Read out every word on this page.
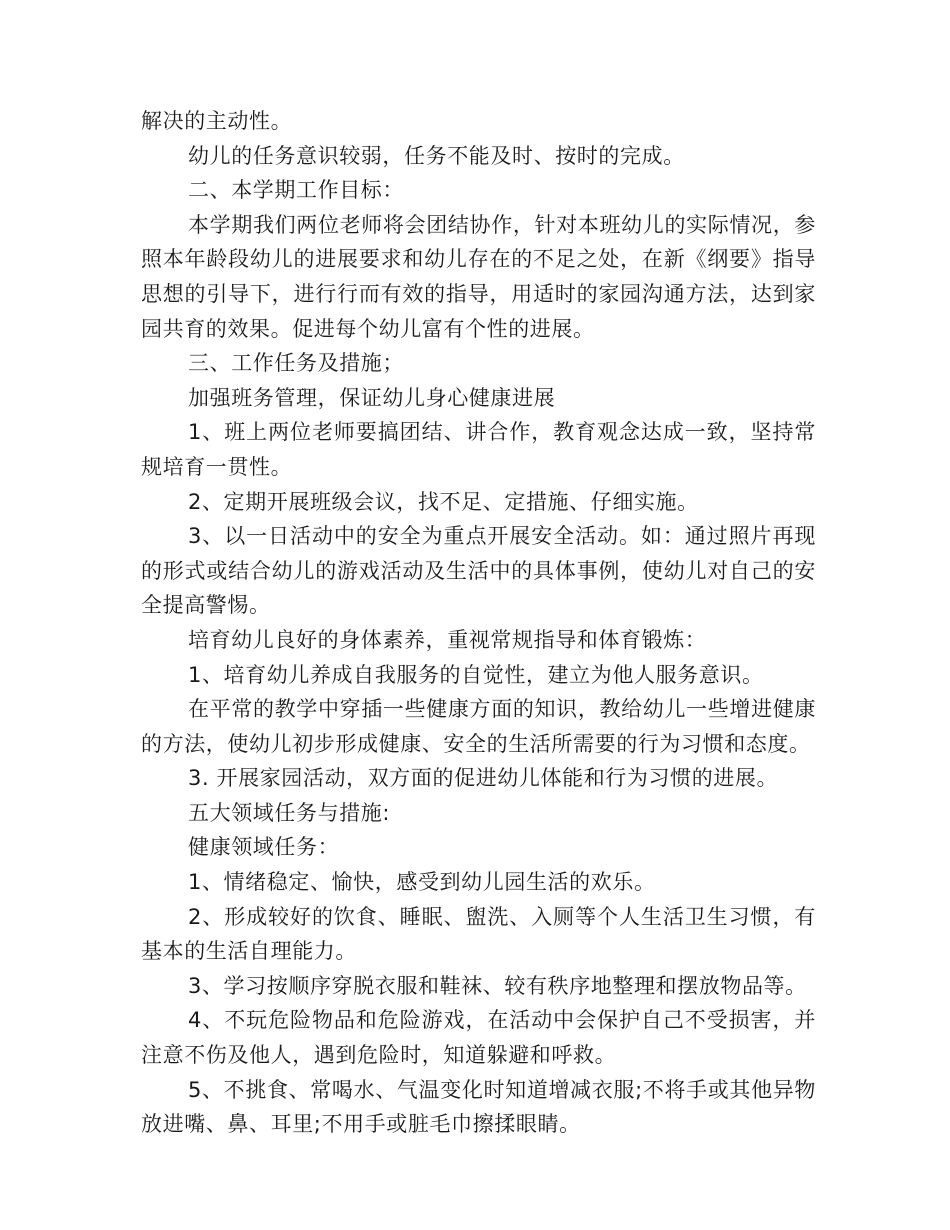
解决的主动性。

幼儿的任务意识较弱，任务不能及时、按时的完成。

二、本学期工作目标：

本学期我们两位老师将会团结协作，针对本班幼儿的实际情况，参照本年龄段幼儿的进展要求和幼儿存在的不足之处，在新《纲要》指导思想的引导下，进行行而有效的指导，用适时的家园沟通方法，达到家园共育的效果。促进每个幼儿富有个性的进展。

三、工作任务及措施；

加强班务管理，保证幼儿身心健康进展

1、班上两位老师要搞团结、讲合作，教育观念达成一致，坚持常规培育一贯性。

2、定期开展班级会议，找不足、定措施、仔细实施。

3、以一日活动中的安全为重点开展安全活动。如：通过照片再现的形式或结合幼儿的游戏活动及生活中的具体事例，使幼儿对自己的安全提高警惕。

培育幼儿良好的身体素养，重视常规指导和体育锻炼：

1、培育幼儿养成自我服务的自觉性，建立为他人服务意识。

在平常的教学中穿插一些健康方面的知识，教给幼儿一些增进健康的方法，使幼儿初步形成健康、安全的生活所需要的行为习惯和态度。

3. 开展家园活动，双方面的促进幼儿体能和行为习惯的进展。

五大领域任务与措施:

健康领域任务：

1、情绪稳定、愉快，感受到幼儿园生活的欢乐。

2、形成较好的饮食、睡眠、盥洗、入厕等个人生活卫生习惯，有基本的生活自理能力。

3、学习按顺序穿脱衣服和鞋袜、较有秩序地整理和摆放物品等。

4、不玩危险物品和危险游戏，在活动中会保护自己不受损害，并注意不伤及他人，遇到危险时，知道躲避和呼救。

5、不挑食、常喝水、气温变化时知道增减衣服;不将手或其他异物放进嘴、鼻、耳里;不用手或脏毛巾擦揉眼睛。
